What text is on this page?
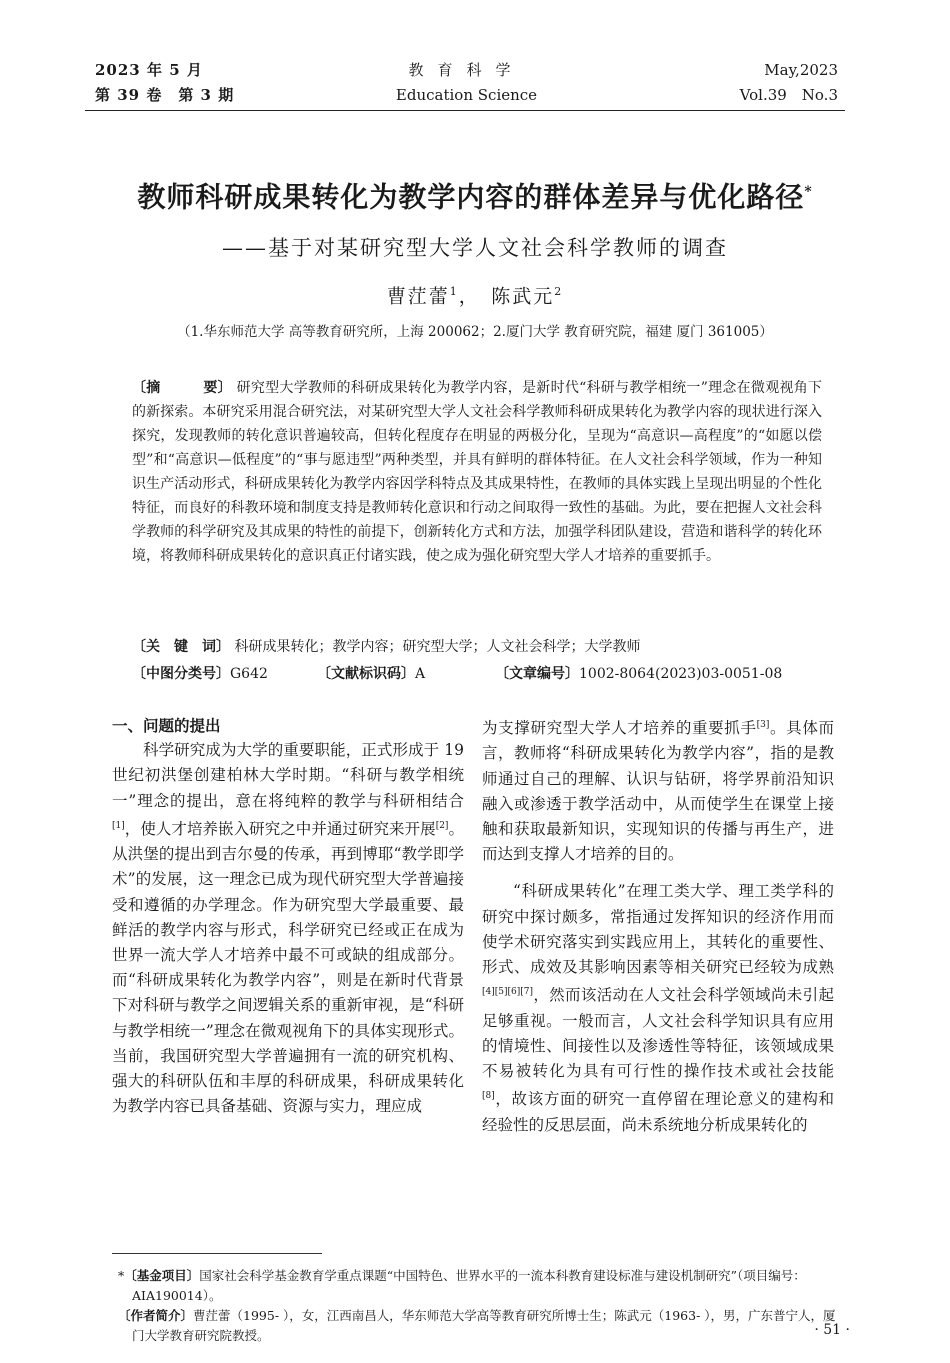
2023 年 5 月
第 39 卷　第 3 期
教育科学
Education Science
May,2023
Vol.39　No.3
教师科研成果转化为教学内容的群体差异与优化路径*
——基于对某研究型大学人文社会科学教师的调查
曹茳蕾$^1$，　陈武元$^2$
（1.华东师范大学 高等教育研究所，上海 200062；2.厦门大学 教育研究院，福建 厦门 361005）
〔摘　　　要〕 研究型大学教师的科研成果转化为教学内容，是新时代“科研与教学相统一”理念在微观视角下的新探索。本研究采用混合研究法，对某研究型大学人文社会科学教师科研成果转化为教学内容的现状进行深入探究，发现教师的转化意识普遍较高，但转化程度存在明显的两极分化，呈现为“高意识—高程度”的“如愿以偿型”和“高意识—低程度”的“事与愿违型”两种类型，并具有鲜明的群体特征。在人文社会科学领域，作为一种知识生产活动形式，科研成果转化为教学内容因学科特点及其成果特性，在教师的具体实践上呈现出明显的个性化特征，而良好的科教环境和制度支持是教师转化意识和行动之间取得一致性的基础。为此，要在把握人文社会科学教师的科学研究及其成果的特性的前提下，创新转化方式和方法，加强学科团队建设，营造和谐科学的转化环境，将教师科研成果转化的意识真正付诸实践，使之成为强化研究型大学人才培养的重要抓手。
〔关　键　词〕 科研成果转化；教学内容；研究型大学；人文社会科学；大学教师
〔中图分类号〕G642	〔文献标识码〕A	〔文章编号〕1002-8064(2023)03-0051-08
一、问题的提出

科学研究成为大学的重要职能，正式形成于 19 世纪初洪堡创建柏林大学时期。“科研与教学相统一”理念的提出，意在将纯粹的教学与科研相结合[1]，使人才培养嵌入研究之中并通过研究来开展[2]。从洪堡的提出到吉尔曼的传承，再到博耶“教学即学术”的发展，这一理念已成为现代研究型大学普遍接受和遵循的办学理念。作为研究型大学最重要、最鲜活的教学内容与形式，科学研究已经或正在成为世界一流大学人才培养中最不可或缺的组成部分。而“科研成果转化为教学内容”，则是在新时代背景下对科研与教学之间逻辑关系的重新审视，是“科研与教学相统一”理念在微观视角下的具体实现形式。当前，我国研究型大学普遍拥有一流的研究机构、强大的科研队伍和丰厚的科研成果，科研成果转化为教学内容已具备基础、资源与实力，理应成

为支撑研究型大学人才培养的重要抓手[3]。具体而言，教师将“科研成果转化为教学内容”，指的是教师通过自己的理解、认识与钻研，将学界前沿知识融入或渗透于教学活动中，从而使学生在课堂上接触和获取最新知识，实现知识的传播与再生产，进而达到支撑人才培养的目的。

“科研成果转化”在理工类大学、理工类学科的研究中探讨颇多，常指通过发挥知识的经济作用而使学术研究落实到实践应用上，其转化的重要性、形式、成效及其影响因素等相关研究已经较为成熟[4][5][6][7]，然而该活动在人文社会科学领域尚未引起足够重视。一般而言，人文社会科学知识具有应用的情境性、间接性以及渗透性等特征，该领域成果不易被转化为具有可行性的操作技术或社会技能[8]，故该方面的研究一直停留在理论意义的建构和经验性的反思层面，尚未系统地分析成果转化的

*〔基金项目〕国家社会科学基金教育学重点课题“中国特色、世界水平的一流本科教育建设标准与建设机制研究”（项目编号：AIA190014）。

〔作者简介〕曹茳蕾（1995- ），女，江西南昌人，华东师范大学高等教育研究所博士生；陈武元（1963- ），男，广东普宁人，厦门大学教育研究院教授。	· 51 ·
